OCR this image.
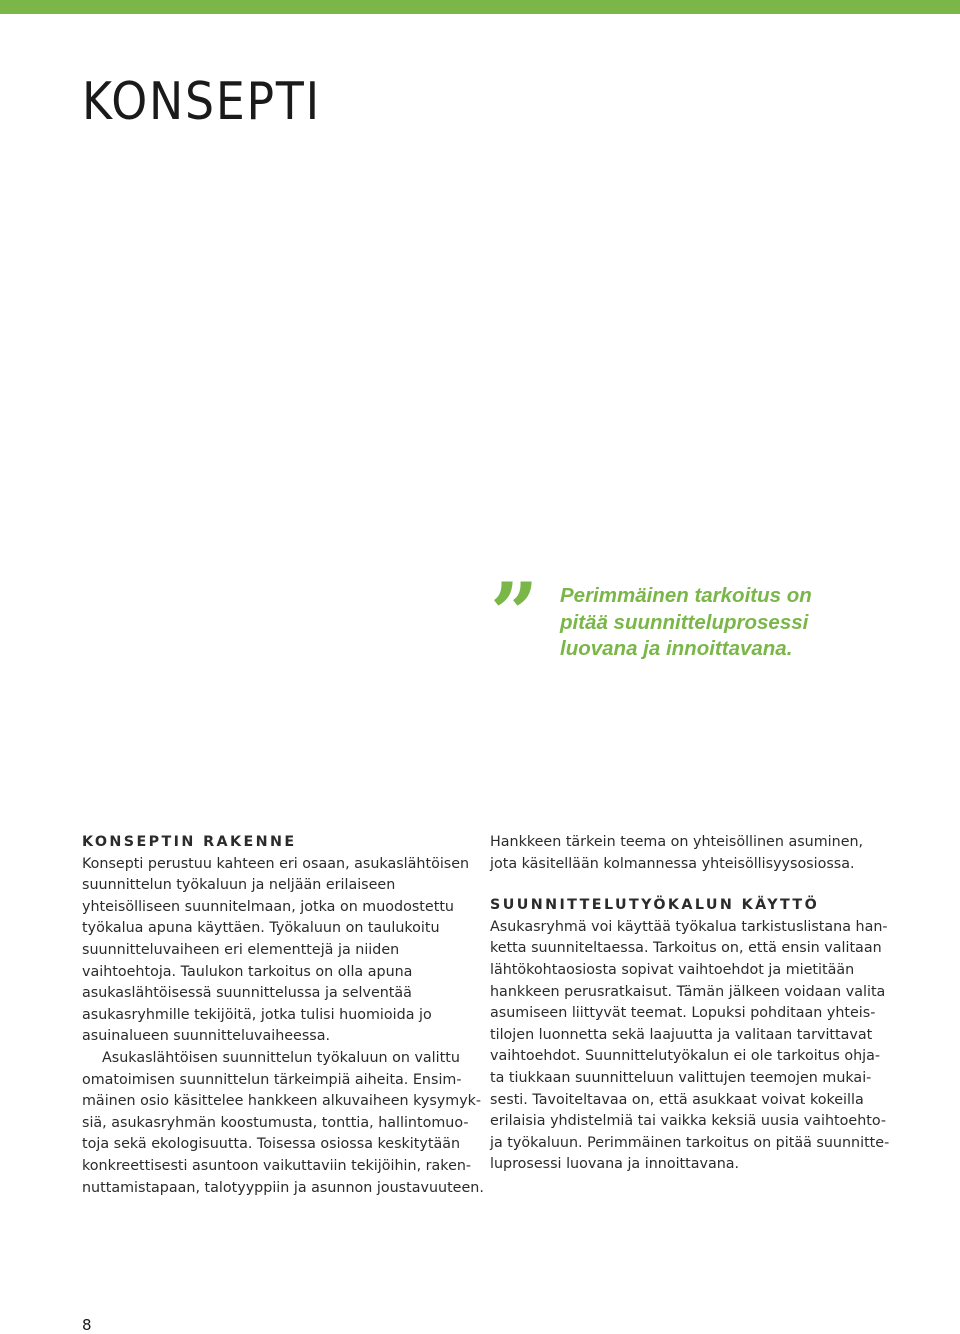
KONSEPTI
” Perimmäinen tarkoitus on
pitää suunnitteluprosessi
luovana ja innoittavana.

KONSEPTIN RAKENNE

Konsepti perustuu kahteen eri osaan, asukaslähtöisen
suunnittelun työkaluun ja neljään erilaiseen
yhteisölliseen suunnitelmaan, jotka on muodostettu
työkalua apuna käyttäen. Työkaluun on taulukoitu
suunnitteluvaiheen eri elementtejä ja niiden
vaihtoehtoja. Taulukon tarkoitus on olla apuna
asukaslähtöisessä suunnittelussa ja selventää
asukasryhmille tekijöitä, jotka tulisi huomioida jo
asuinalueen suunnitteluvaiheessa.

Asukaslähtöisen suunnittelun työkaluun on valittu
omatoimisen suunnittelun tärkeimpiä aiheita. Ensim-
mäinen osio käsittelee hankkeen alkuvaiheen kysymyk-
siä, asukasryhmän koostumusta, tonttia, hallintomuo-
toja sekä ekologisuutta. Toisessa osiossa keskitytään
konkreettisesti asuntoon vaikuttaviin tekijöihin, raken-
nuttamistapaan, talotyyppiin ja asunnon joustavuuteen.

Hankkeen tärkein teema on yhteisöllinen asuminen,
jota käsitellään kolmannessa yhteisöllisyysosiossa.

SUUNNITTELUTYÖKALUN KÄYTTÖ

Asukasryhmä voi käyttää työkalua tarkistuslistana han-
ketta suunniteltaessa. Tarkoitus on, että ensin valitaan
lähtökohtaosiosta sopivat vaihtoehdot ja mietitään
hankkeen perusratkaisut. Tämän jälkeen voidaan valita
asumiseen liittyvät teemat. Lopuksi pohditaan yhteis-
tilojen luonnetta sekä laajuutta ja valitaan tarvittavat
vaihtoehdot. Suunnittelutyökalun ei ole tarkoitus ohja-
ta tiukkaan suunnitteluun valittujen teemojen mukai-
sesti. Tavoiteltavaa on, että asukkaat voivat kokeilla
erilaisia yhdistelmiä tai vaikka keksiä uusia vaihtoehto-
ja työkaluun. Perimmäinen tarkoitus on pitää suunnitte-
luprosessi luovana ja innoittavana.

8
